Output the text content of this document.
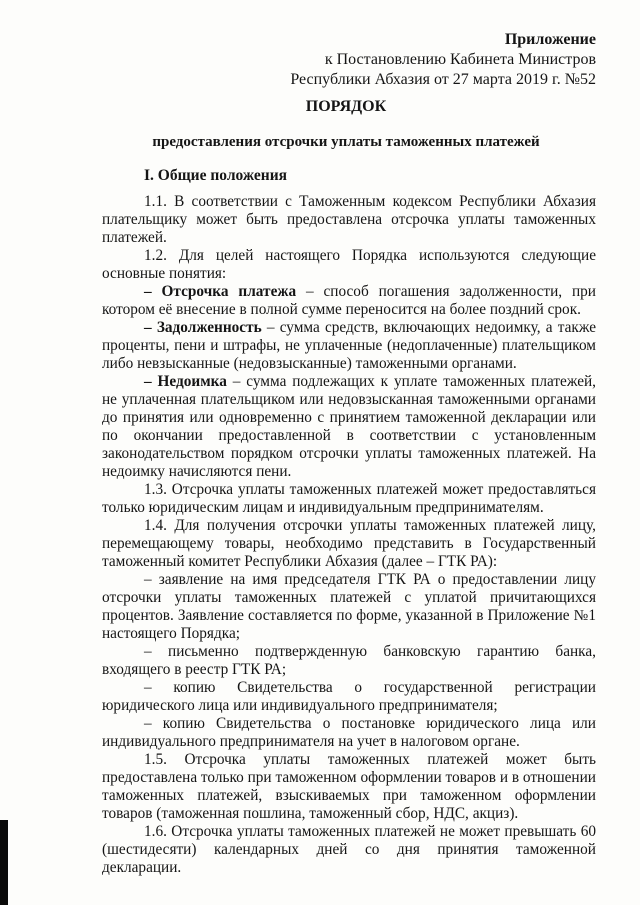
Приложение
к Постановлению Кабинета Министров
Республики Абхазия от 27 марта 2019 г. №52
ПОРЯДОК
предоставления отсрочки уплаты таможенных платежей
I. Общие положения

1.1. В соответствии с Таможенным кодексом Республики Абхазия плательщику может быть предоставлена отсрочка уплаты таможенных платежей.

1.2. Для целей настоящего Порядка используются следующие основные понятия:

– Отсрочка платежа – способ погашения задолженности, при котором её внесение в полной сумме переносится на более поздний срок.

– Задолженность – сумма средств, включающих недоимку, а также проценты, пени и штрафы, не уплаченные (недоплаченные) плательщиком либо невзысканные (недовзысканные) таможенными органами.

– Недоимка – сумма подлежащих к уплате таможенных платежей, не уплаченная плательщиком или недовзысканная таможенными органами до принятия или одновременно с принятием таможенной декларации или по окончании предоставленной в соответствии с установленным законодательством порядком отсрочки уплаты таможенных платежей. На недоимку начисляются пени.

1.3. Отсрочка уплаты таможенных платежей может предоставляться только юридическим лицам и индивидуальным предпринимателям.

1.4. Для получения отсрочки уплаты таможенных платежей лицу, перемещающему товары, необходимо представить в Государственный таможенный комитет Республики Абхазия (далее – ГТК РА):

– заявление на имя председателя ГТК РА о предоставлении лицу отсрочки уплаты таможенных платежей с уплатой причитающихся процентов. Заявление составляется по форме, указанной в Приложение №1 настоящего Порядка;

– письменно подтвержденную банковскую гарантию банка, входящего в реестр ГТК РА;

– копию Свидетельства о государственной регистрации юридического лица или индивидуального предпринимателя;

– копию Свидетельства о постановке юридического лица или индивидуального предпринимателя на учет в налоговом органе.

1.5. Отсрочка уплаты таможенных платежей может быть предоставлена только при таможенном оформлении товаров и в отношении таможенных платежей, взыскиваемых при таможенном оформлении товаров (таможенная пошлина, таможенный сбор, НДС, акциз).

1.6. Отсрочка уплаты таможенных платежей не может превышать 60 (шестидесяти) календарных дней со дня принятия таможенной декларации.
